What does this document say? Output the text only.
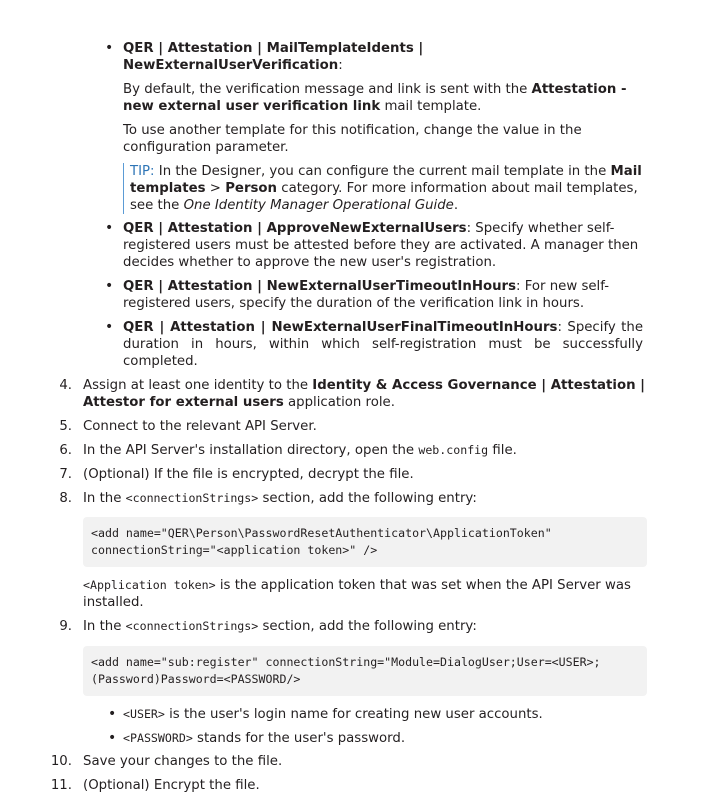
• QER | Attestation | MailTemplateIdents |
NewExternalUserVerification:
By default, the verification message and link is sent with the Attestation - new external user verification link mail template.
To use another template for this notification, change the value in the configuration parameter.
TIP: In the Designer, you can configure the current mail template in the Mail templates > Person category. For more information about mail templates, see the One Identity Manager Operational Guide.
• QER | Attestation | ApproveNewExternalUsers: Specify whether self-registered users must be attested before they are activated. A manager then decides whether to approve the new user's registration.
• QER | Attestation | NewExternalUserTimeoutInHours: For new self-registered users, specify the duration of the verification link in hours.
• QER | Attestation | NewExternalUserFinalTimeoutInHours: Specify the duration in hours, within which self-registration must be successfully completed.
4. Assign at least one identity to the Identity & Access Governance | Attestation | Attestor for external users application role.
5. Connect to the relevant API Server.
6. In the API Server's installation directory, open the web.config file.
7. (Optional) If the file is encrypted, decrypt the file.
8. In the <connectionStrings> section, add the following entry:
<add name="QER\Person\PasswordResetAuthenticator\ApplicationToken"
connectionString="<application token>" />
<Application token> is the application token that was set when the API Server was installed.
9. In the <connectionStrings> section, add the following entry:
<add name="sub:register" connectionString="Module=DialogUser;User=<USER>;
(Password)Password=<PASSWORD/>
• <USER> is the user's login name for creating new user accounts.
• <PASSWORD> stands for the user's password.
10. Save your changes to the file.
11. (Optional) Encrypt the file.
